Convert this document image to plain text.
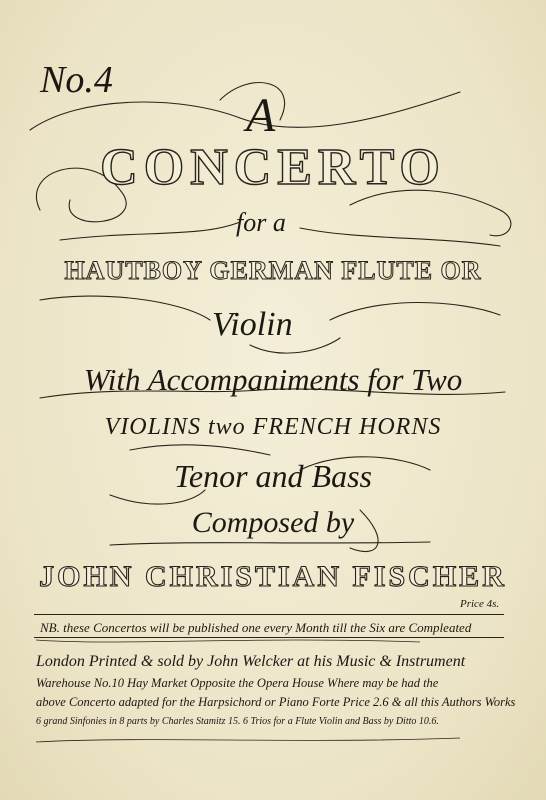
No.4
A
CONCERTO
for a
HAUTBOY GERMAN FLUTE OR
Violin
With Accompaniments for Two
VIOLINS two FRENCH HORNS
Tenor and Bass
Composed by
JOHN CHRISTIAN FISCHER
Price 4s.
NB. these Concertos will be published one every Month till the Six are Compleated
London Printed & sold by John Welcker at his Music & Instrument
Warehouse No.10 Hay Market Opposite the Opera House Where may be had the
above Concerto adapted for the Harpsichord or Piano Forte Price 2.6 & all this Authors Works
6 grand Sinfonies in 8 parts by Charles Stamitz 15. 6 Trios for a Flute Violin and Bass by Ditto 10.6.
